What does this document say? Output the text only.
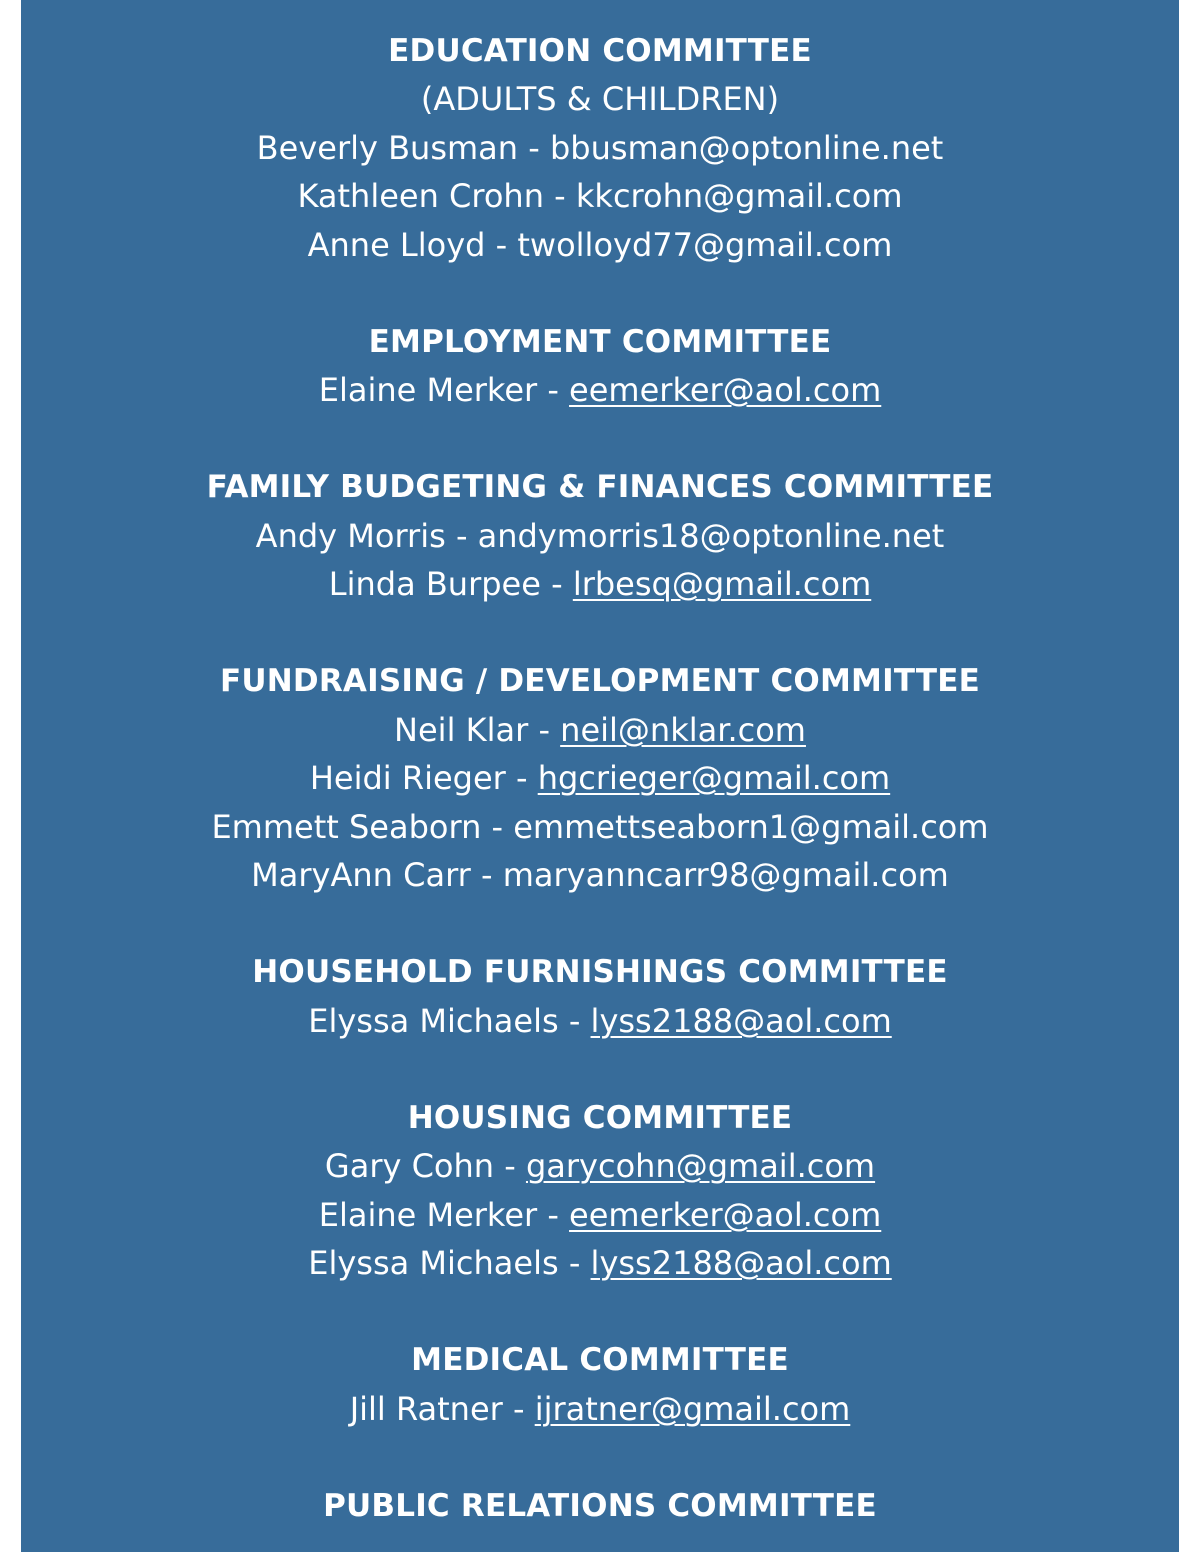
EDUCATION COMMITTEE
(ADULTS & CHILDREN)
Beverly Busman - bbusman@optonline.net
Kathleen Crohn - kkcrohn@gmail.com
Anne Lloyd - twolloyd77@gmail.com
EMPLOYMENT COMMITTEE
Elaine Merker - eemerker@aol.com
FAMILY BUDGETING & FINANCES COMMITTEE
Andy Morris - andymorris18@optonline.net
Linda Burpee - lrbesq@gmail.com
FUNDRAISING / DEVELOPMENT COMMITTEE
Neil Klar - neil@nklar.com
Heidi Rieger - hgcrieger@gmail.com
Emmett Seaborn - emmettseaborn1@gmail.com
MaryAnn Carr - maryanncarr98@gmail.com
HOUSEHOLD FURNISHINGS COMMITTEE
Elyssa Michaels - lyss2188@aol.com
HOUSING COMMITTEE
Gary Cohn - garycohn@gmail.com
Elaine Merker - eemerker@aol.com
Elyssa Michaels - lyss2188@aol.com
MEDICAL COMMITTEE
Jill Ratner - ijratner@gmail.com
PUBLIC RELATIONS COMMITTEE
